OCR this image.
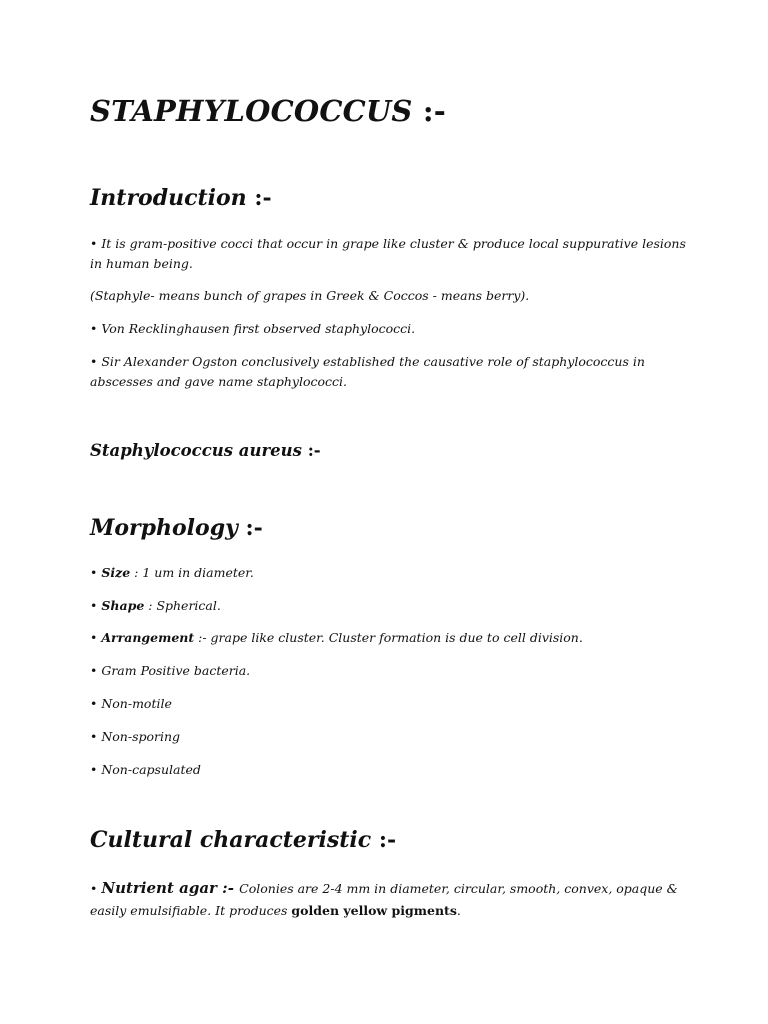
STAPHYLOCOCCUS :-
Introduction :-

• It is gram-positive cocci that occur in grape like cluster & produce local suppurative lesions in human being.

(Staphyle- means bunch of grapes in Greek & Coccos - means berry).

• Von Recklinghausen first observed staphylococci.

• Sir Alexander Ogston conclusively established the causative role of staphylococcus in abscesses and gave name staphylococci.

Staphylococcus aureus :-
Morphology :-

• Size : 1 um in diameter.

• Shape : Spherical.

• Arrangement :- grape like cluster. Cluster formation is due to cell division.

• Gram Positive bacteria.

• Non-motile

• Non-sporing

• Non-capsulated

Cultural characteristic :-

• Nutrient agar :- Colonies are 2-4 mm in diameter, circular, smooth, convex, opaque & easily emulsifiable. It produces golden yellow pigments.
